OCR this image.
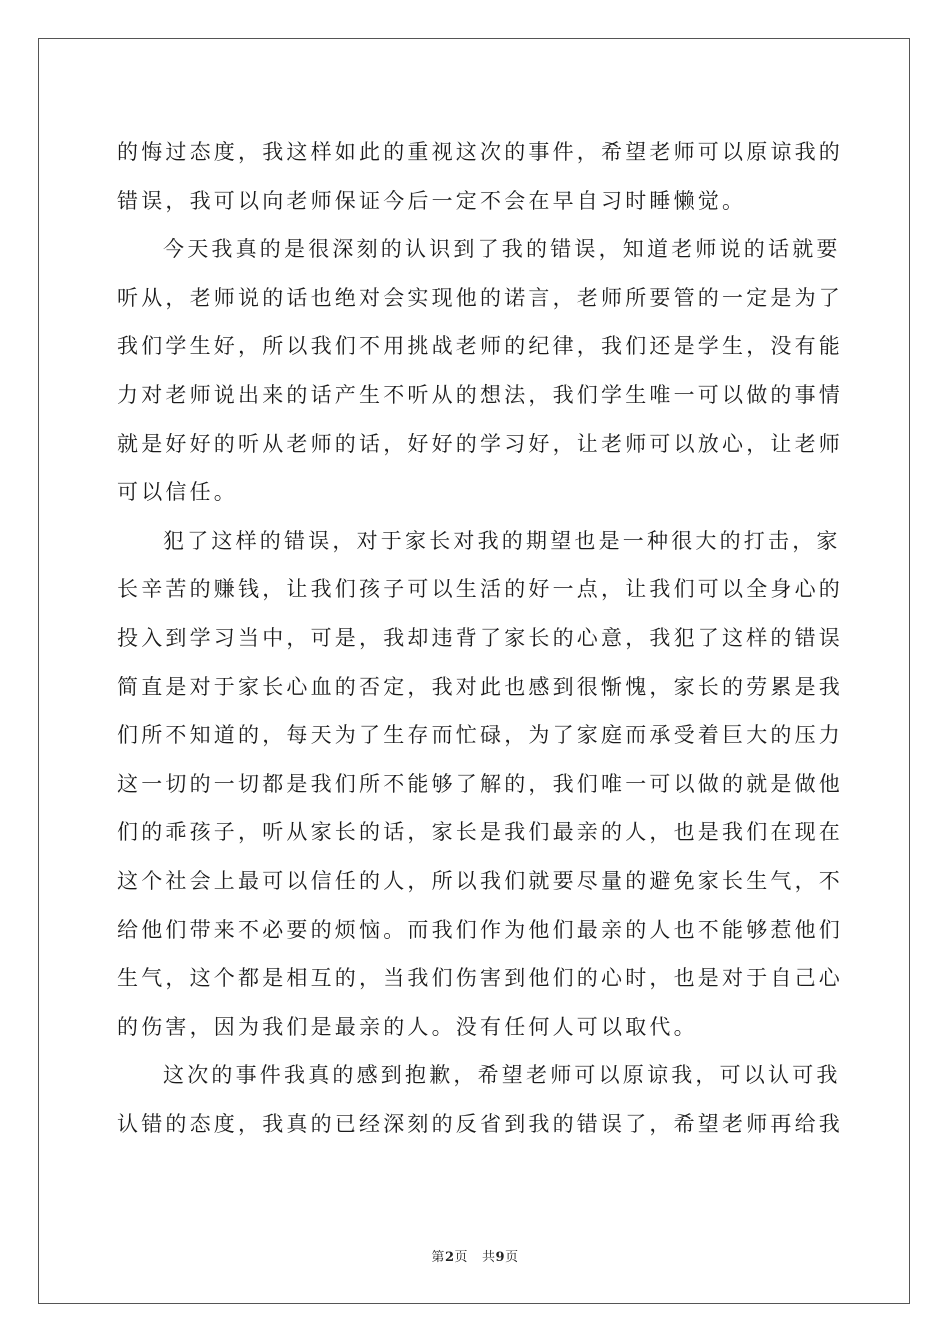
的悔过态度，我这样如此的重视这次的事件，希望老师可以原谅我的
错误，我可以向老师保证今后一定不会在早自习时睡懒觉。
今天我真的是很深刻的认识到了我的错误，知道老师说的话就要
听从，老师说的话也绝对会实现他的诺言，老师所要管的一定是为了
我们学生好，所以我们不用挑战老师的纪律，我们还是学生，没有能
力对老师说出来的话产生不听从的想法，我们学生唯一可以做的事情
就是好好的听从老师的话，好好的学习好，让老师可以放心，让老师
可以信任。
犯了这样的错误，对于家长对我的期望也是一种很大的打击，家
长辛苦的赚钱，让我们孩子可以生活的好一点，让我们可以全身心的
投入到学习当中，可是，我却违背了家长的心意，我犯了这样的错误
简直是对于家长心血的否定，我对此也感到很惭愧，家长的劳累是我
们所不知道的，每天为了生存而忙碌，为了家庭而承受着巨大的压力
这一切的一切都是我们所不能够了解的，我们唯一可以做的就是做他
们的乖孩子，听从家长的话，家长是我们最亲的人，也是我们在现在
这个社会上最可以信任的人，所以我们就要尽量的避免家长生气，不
给他们带来不必要的烦恼。而我们作为他们最亲的人也不能够惹他们
生气，这个都是相互的，当我们伤害到他们的心时，也是对于自己心
的伤害，因为我们是最亲的人。没有任何人可以取代。
这次的事件我真的感到抱歉，希望老师可以原谅我，可以认可我
认错的态度，我真的已经深刻的反省到我的错误了，希望老师再给我
第2页 共9页
